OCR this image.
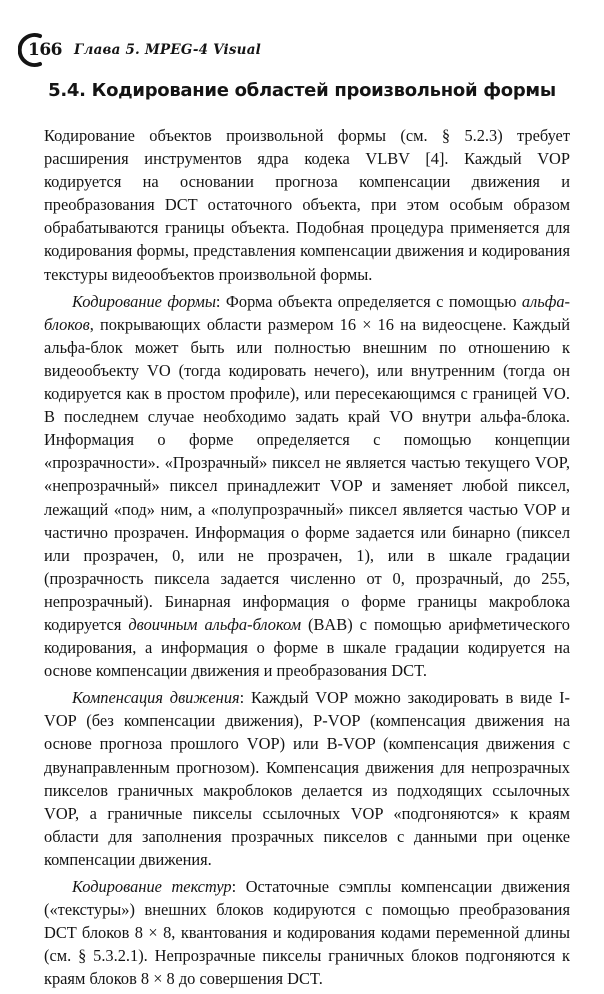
166 Глава 5. MPEG-4 Visual
5.4. Кодирование областей произвольной формы

Кодирование объектов произвольной формы (см. § 5.2.3) требует расширения инструментов ядра кодека VLBV [4]. Каждый VOP кодируется на основании прогноза компенсации движения и преобразования DCT остаточного объекта, при этом особым образом обрабатываются границы объекта. Подобная процедура применяется для кодирования формы, представления компенсации движения и кодирования текстуры видеообъектов произвольной формы.

Кодирование формы: Форма объекта определяется с помощью альфа-блоков, покрывающих области размером 16 × 16 на видеосцене. Каждый альфа-блок может быть или полностью внешним по отношению к видеообъекту VO (тогда кодировать нечего), или внутренним (тогда он кодируется как в простом профиле), или пересекающимся с границей VO. В последнем случае необходимо задать край VO внутри альфа-блока. Информация о форме определяется с помощью концепции «прозрачности». «Прозрачный» пиксел не является частью текущего VOP, «непрозрачный» пиксел принадлежит VOP и заменяет любой пиксел, лежащий «под» ним, а «полупрозрачный» пиксел является частью VOP и частично прозрачен. Информация о форме задается или бинарно (пиксел или прозрачен, 0, или не прозрачен, 1), или в шкале градации (прозрачность пиксела задается численно от 0, прозрачный, до 255, непрозрачный). Бинарная информация о форме границы макроблока кодируется двоичным альфа-блоком (BAB) с помощью арифметического кодирования, а информация о форме в шкале градации кодируется на основе компенсации движения и преобразования DCT.

Компенсация движения: Каждый VOP можно закодировать в виде I-VOP (без компенсации движения), P-VOP (компенсация движения на основе прогноза прошлого VOP) или B-VOP (компенсация движения с двунаправленным прогнозом). Компенсация движения для непрозрачных пикселов граничных макроблоков делается из подходящих ссылочных VOP, а граничные пикселы ссылочных VOP «подгоняются» к краям области для заполнения прозрачных пикселов с данными при оценке компенсации движения.

Кодирование текстур: Остаточные сэмплы компенсации движения («текстуры») внешних блоков кодируются с помощью преобразования DCT блоков 8 × 8, квантования и кодирования кодами переменной длины (см. § 5.3.2.1). Непрозрачные пикселы граничных блоков подгоняются к краям блоков 8 × 8 до совершения DCT.
